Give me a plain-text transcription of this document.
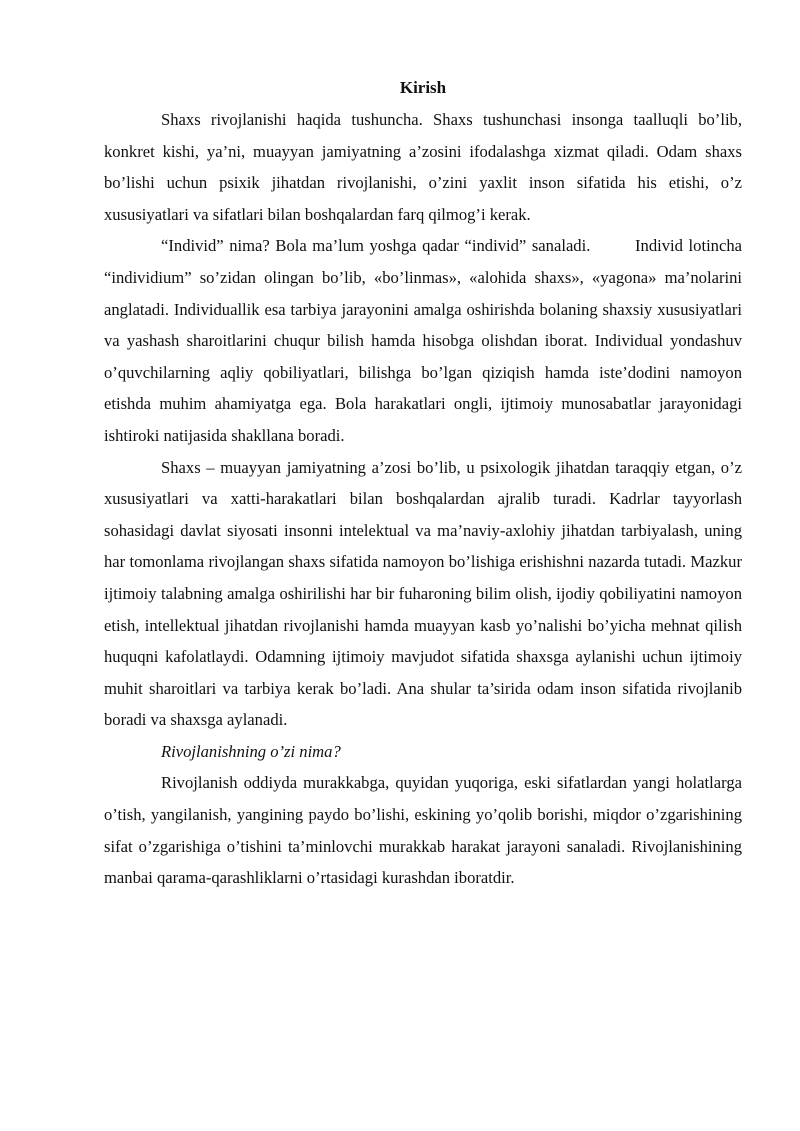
Kirish

Shaxs rivojlanishi haqida tushuncha. Shaxs tushunchasi insonga taalluqli bo’lib, konkret kishi, ya’ni, muayyan jamiyatning a’zosini ifodalashga xizmat qiladi. Odam shaxs bo’lishi uchun psixik jihatdan rivojlanishi, o’zini yaxlit inson sifatida his etishi, o’z xususiyatlari va sifatlari bilan boshqalardan farq qilmog’i kerak.

“Individ” nima? Bola ma’lum yoshga qadar “individ” sanaladi.        Individ lotincha “individium” so’zidan olingan bo’lib, «bo’linmas», «alohida shaxs», «yagona» ma’nolarini anglatadi. Individuallik esa tarbiya jarayonini amalga oshirishda bolaning shaxsiy xususiyatlari va yashash sharoitlarini chuqur bilish hamda hisobga olishdan iborat. Individual yondashuv o’quvchilarning aqliy qobiliyatlari, bilishga bo’lgan qiziqish hamda iste’dodini namoyon etishda muhim ahamiyatga ega. Bola harakatlari ongli, ijtimoiy munosabatlar jarayonidagi ishtiroki natijasida shakllana boradi.

Shaxs – muayyan jamiyatning a’zosi bo’lib, u psixologik jihatdan taraqqiy etgan, o’z xususiyatlari va xatti-harakatlari bilan boshqalardan ajralib turadi. Kadrlar tayyorlash sohasidagi davlat siyosati insonni intelektual va ma’naviy-axlohiy jihatdan tarbiyalash, uning har tomonlama rivojlangan shaxs sifatida namoyon bo’lishiga erishishni nazarda tutadi. Mazkur ijtimoiy talabning amalga oshirilishi har bir fuharoning bilim olish, ijodiy qobiliyatini namoyon etish, intellektual jihatdan rivojlanishi hamda muayyan kasb yo’nalishi bo’yicha mehnat qilish huquqni kafolatlaydi. Odamning ijtimoiy mavjudot sifatida shaxsga aylanishi uchun ijtimoiy muhit sharoitlari va tarbiya kerak bo’ladi. Ana shular ta’sirida odam inson sifatida rivojlanib boradi va shaxsga aylanadi.

Rivojlanishning o’zi nima?

Rivojlanish oddiyda murakkabga, quyidan yuqoriga, eski sifatlardan yangi holatlarga o’tish, yangilanish, yangining paydo bo’lishi, eskining yo’qolib borishi, miqdor o’zgarishining sifat o’zgarishiga o’tishini ta’minlovchi murakkab harakat jarayoni sanaladi. Rivojlanishining manbai qarama-qarashliklarni o’rtasidagi kurashdan iboratdir.
